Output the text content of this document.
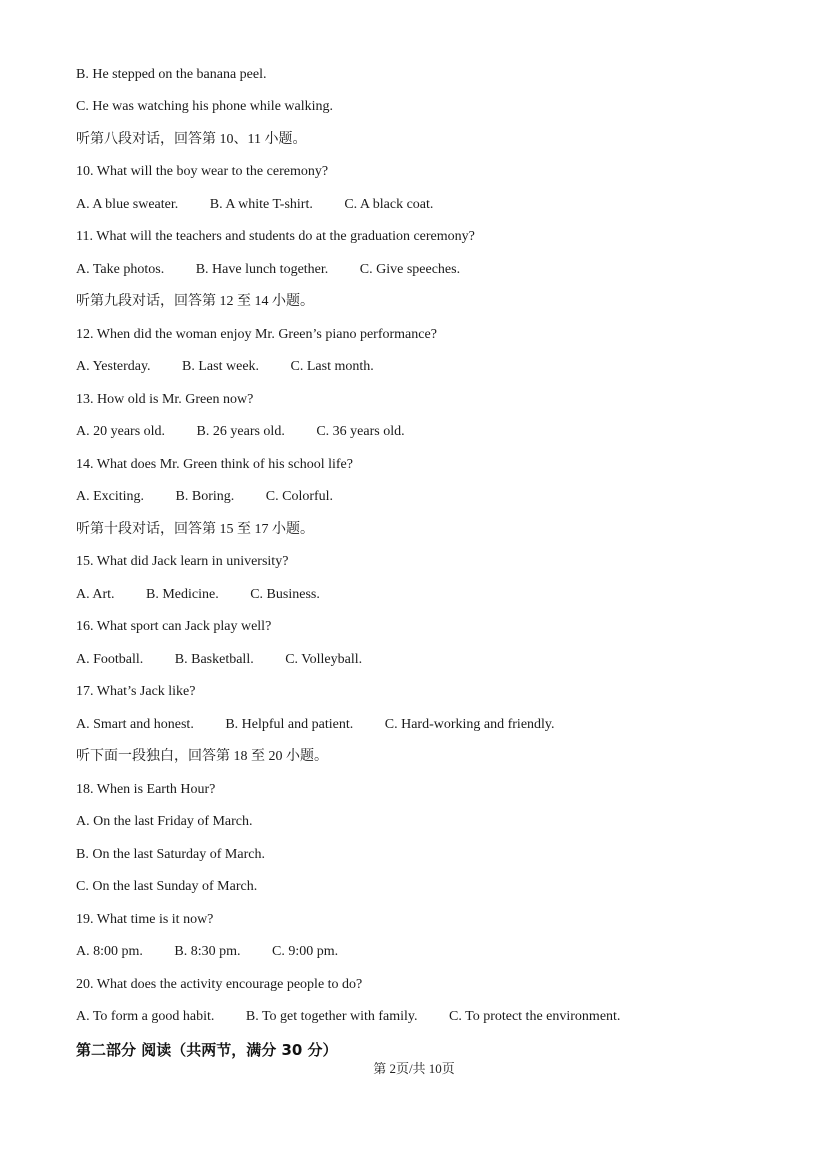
B. He stepped on the banana peel.
C. He was watching his phone while walking.
听第八段对话，回答第 10、11 小题。
10. What will the boy wear to the ceremony?
A. A blue sweater. B. A white T-shirt. C. A black coat.
11. What will the teachers and students do at the graduation ceremony?
A. Take photos. B. Have lunch together. C. Give speeches.
听第九段对话，回答第 12 至 14 小题。
12. When did the woman enjoy Mr. Green’s piano performance?
A. Yesterday. B. Last week. C. Last month.
13. How old is Mr. Green now?
A. 20 years old. B. 26 years old. C. 36 years old.
14. What does Mr. Green think of his school life?
A. Exciting. B. Boring. C. Colorful.
听第十段对话，回答第 15 至 17 小题。
15. What did Jack learn in university?
A. Art. B. Medicine. C. Business.
16. What sport can Jack play well?
A. Football. B. Basketball. C. Volleyball.
17. What’s Jack like?
A. Smart and honest. B. Helpful and patient. C. Hard-working and friendly.
听下面一段独白，回答第 18 至 20 小题。
18. When is Earth Hour?
A. On the last Friday of March.
B. On the last Saturday of March.
C. On the last Sunday of March.
19. What time is it now?
A. 8:00 pm. B. 8:30 pm. C. 9:00 pm.
20. What does the activity encourage people to do?
A. To form a good habit. B. To get together with family. C. To protect the environment.
第二部分 阅读（共两节，满分 30 分）
第 2页/共 10页
